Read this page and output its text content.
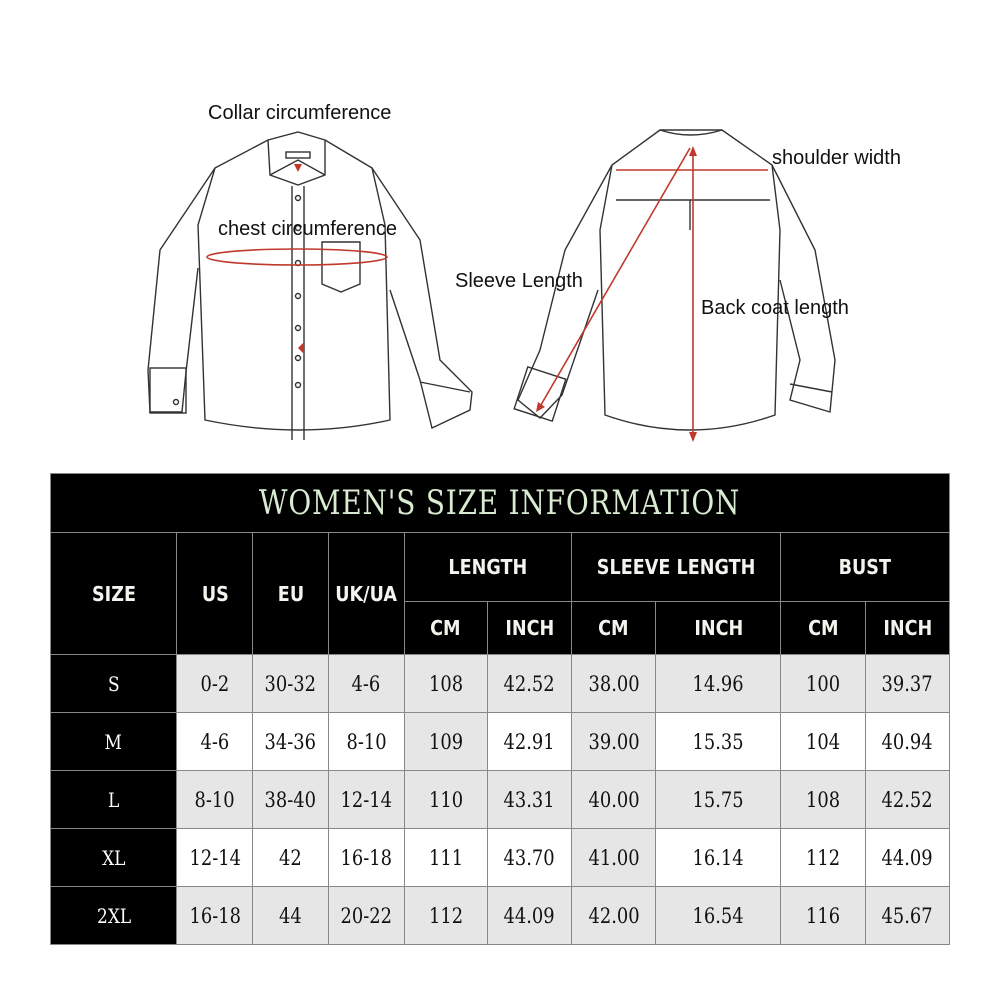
Collar circumference
chest circumference
Sleeve Length
shoulder width
Back coat length
WOMEN'S SIZE INFORMATION									
SIZE	US	EU	UK/UA	LENGTH		SLEEVE LENGTH		BUST	
				CM	INCH	CM	INCH	CM	INCH
S	0-2	30-32	4-6	108	42.52	38.00	14.96	100	39.37
M	4-6	34-36	8-10	109	42.91	39.00	15.35	104	40.94
L	8-10	38-40	12-14	110	43.31	40.00	15.75	108	42.52
XL	12-14	42	16-18	111	43.70	41.00	16.14	112	44.09
2XL	16-18	44	20-22	112	44.09	42.00	16.54	116	45.67
